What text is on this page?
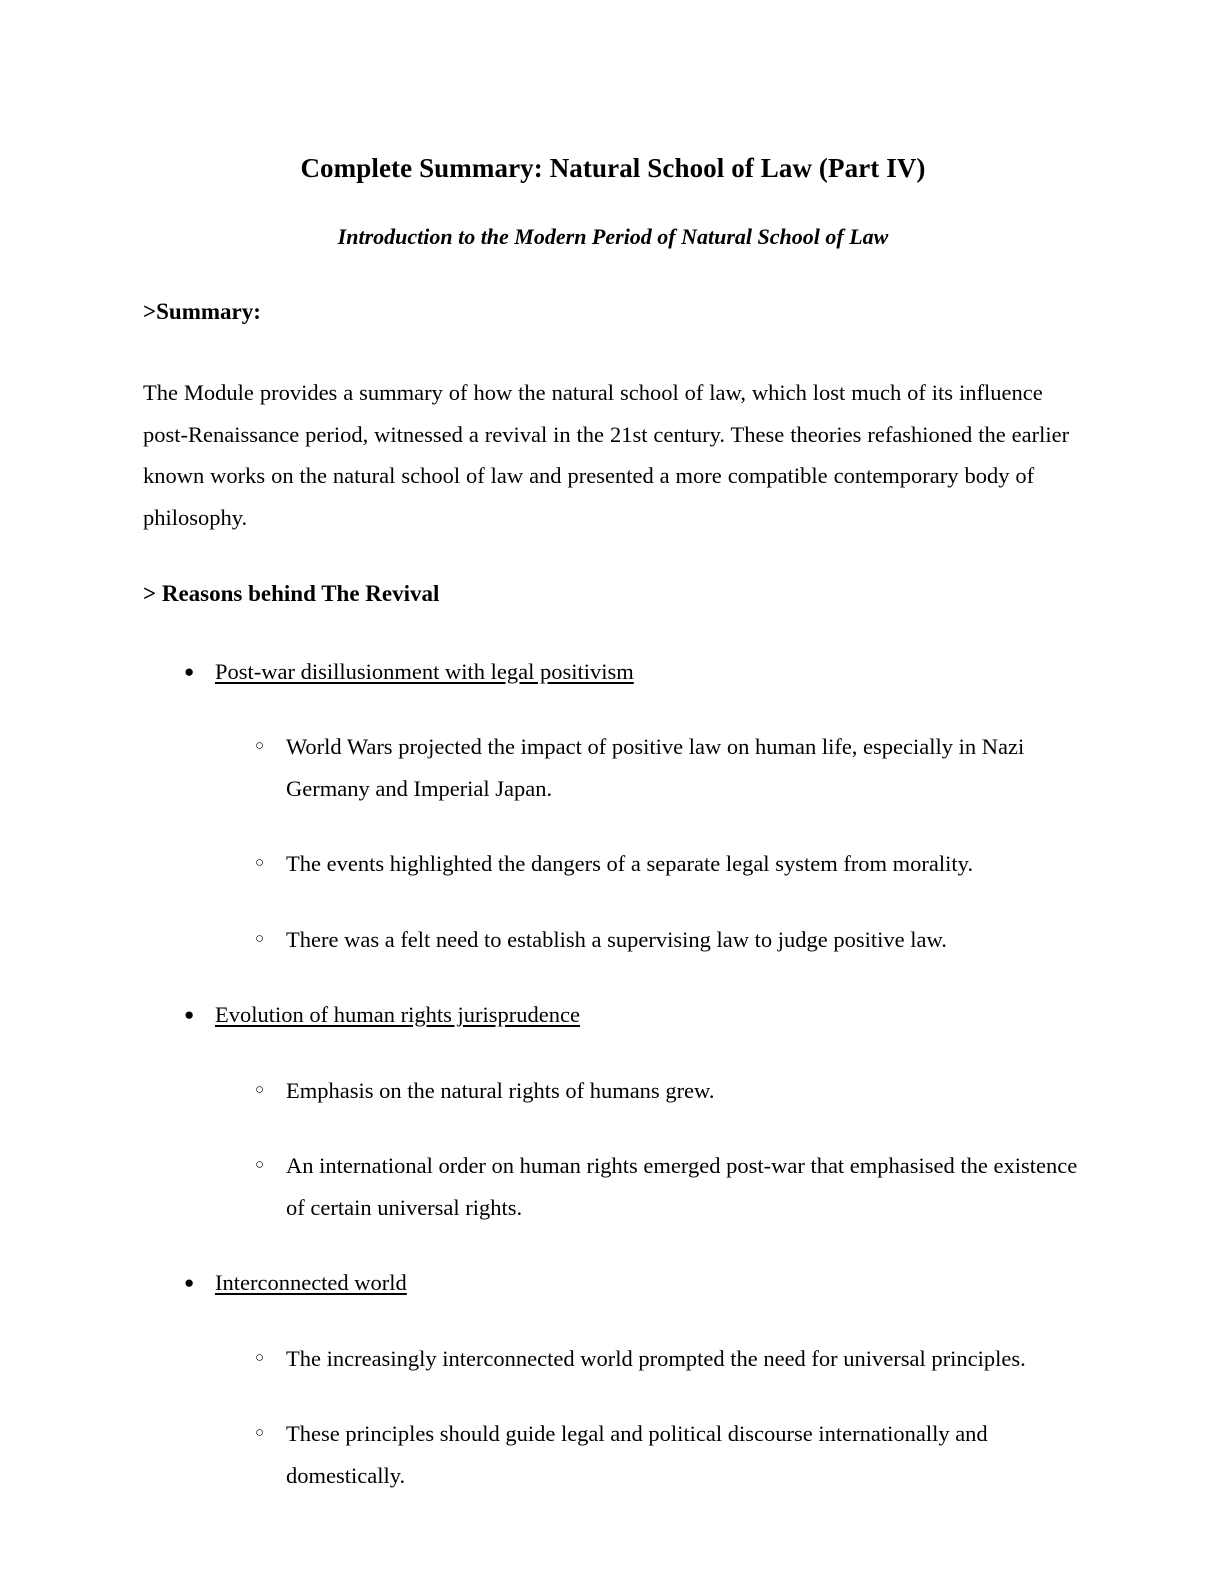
Complete Summary: Natural School of Law (Part IV)
Introduction to the Modern Period of Natural School of Law
>Summary:

The Module provides a summary of how the natural school of law, which lost much of its influence post-Renaissance period, witnessed a revival in the 21st century. These theories refashioned the earlier known works on the natural school of law and presented a more compatible contemporary body of philosophy.

> Reasons behind The Revival
● Post-war disillusionment with legal positivism
○ World Wars projected the impact of positive law on human life, especially in Nazi Germany and Imperial Japan.
○ The events highlighted the dangers of a separate legal system from morality.
○ There was a felt need to establish a supervising law to judge positive law.
● Evolution of human rights jurisprudence
○ Emphasis on the natural rights of humans grew.
○ An international order on human rights emerged post-war that emphasised the existence of certain universal rights.
● Interconnected world
○ The increasingly interconnected world prompted the need for universal principles.
○ These principles should guide legal and political discourse internationally and domestically.
